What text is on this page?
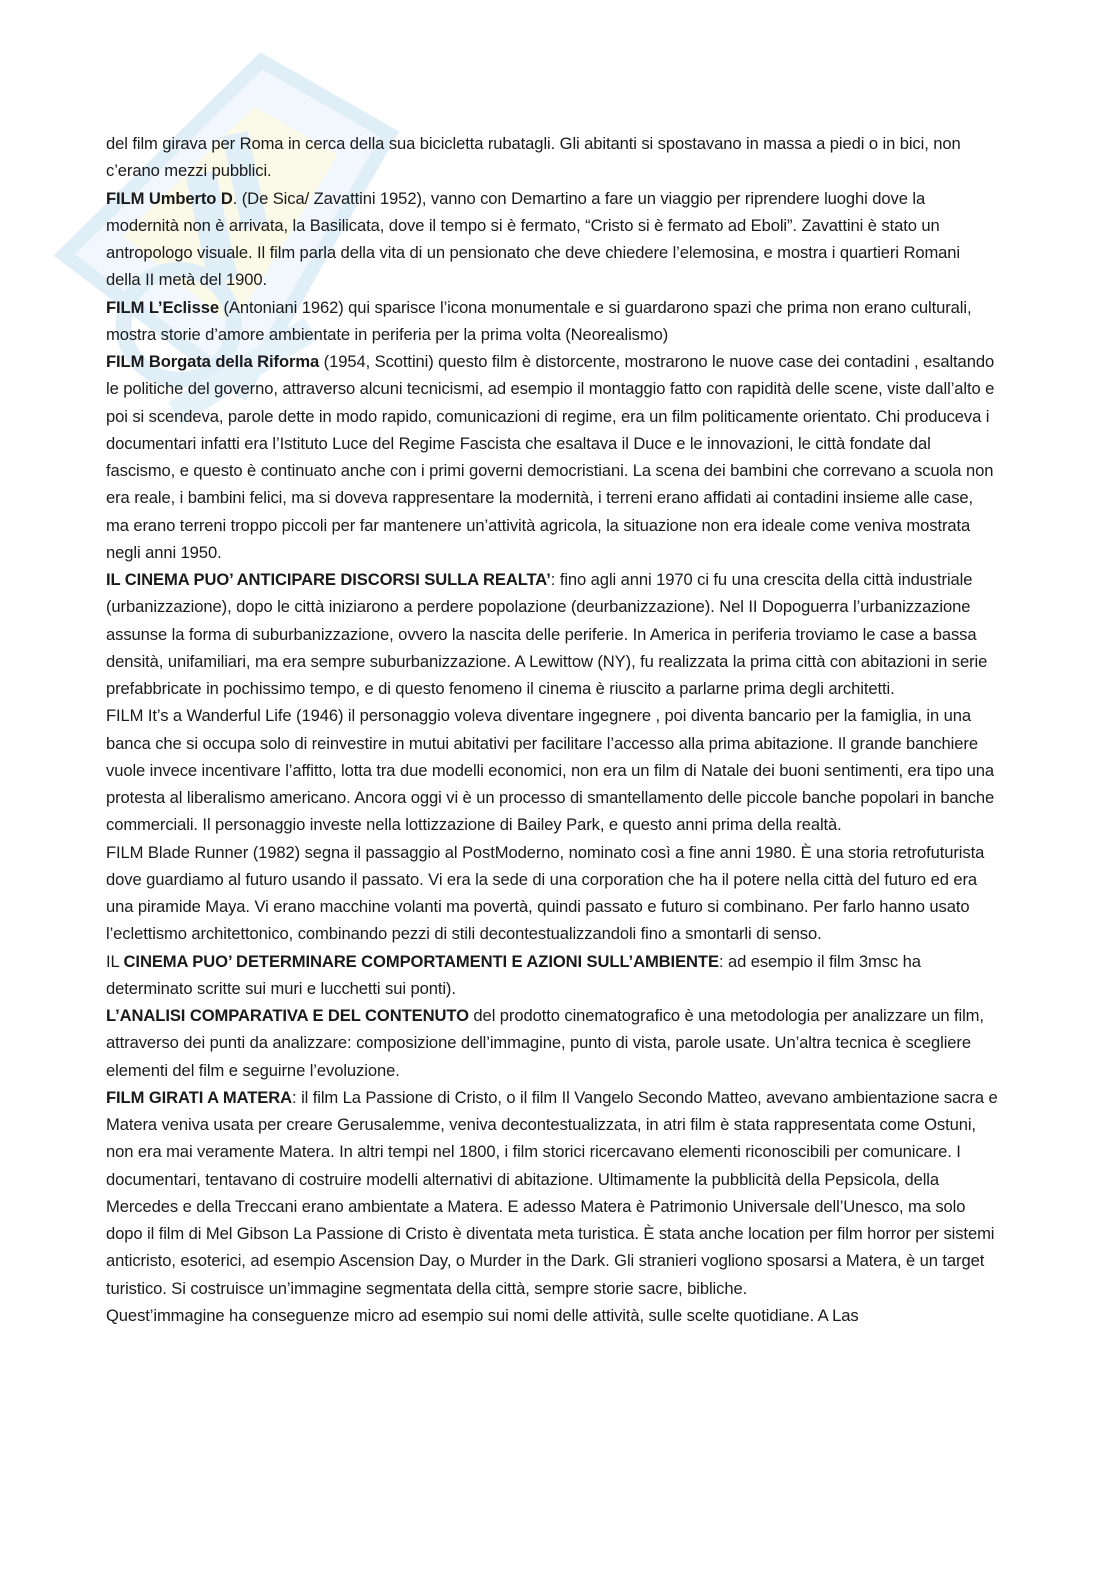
del film girava per Roma in cerca della sua bicicletta rubatagli. Gli abitanti si spostavano in massa a piedi o in bici, non c’erano mezzi pubblici.

FILM Umberto D. (De Sica/ Zavattini 1952), vanno con Demartino a fare un viaggio per riprendere luoghi dove la modernità non è arrivata, la Basilicata, dove il tempo si è fermato, “Cristo si è fermato ad Eboli”. Zavattini è stato un antropologo visuale. Il film parla della vita di un pensionato che deve chiedere l’elemosina, e mostra i quartieri Romani della II metà del 1900.

FILM L’Eclisse (Antoniani 1962) qui sparisce l’icona monumentale e si guardarono spazi che prima non erano culturali, mostra storie d’amore ambientate in periferia per la prima volta (Neorealismo)

FILM Borgata della Riforma (1954, Scottini) questo film è distorcente, mostrarono le nuove case dei contadini , esaltando le politiche del governo, attraverso alcuni tecnicismi, ad esempio il montaggio fatto con rapidità delle scene, viste dall’alto e poi si scendeva, parole dette in modo rapido, comunicazioni di regime, era un film politicamente orientato. Chi produceva i documentari infatti era l’Istituto Luce del Regime Fascista che esaltava il Duce e le innovazioni, le città fondate dal fascismo, e questo è continuato anche con i primi governi democristiani. La scena dei bambini che correvano a scuola non era reale, i bambini felici, ma si doveva rappresentare la modernità, i terreni erano affidati ai contadini insieme alle case, ma erano terreni troppo piccoli per far mantenere un’attività agricola, la situazione non era ideale come veniva mostrata negli anni 1950.

IL CINEMA PUO’ ANTICIPARE DISCORSI SULLA REALTA’: fino agli anni 1970 ci fu una crescita della città industriale (urbanizzazione), dopo le città iniziarono a perdere popolazione (deurbanizzazione). Nel II Dopoguerra l’urbanizzazione assunse la forma di suburbanizzazione, ovvero la nascita delle periferie. In America in periferia troviamo le case a bassa densità, unifamiliari, ma era sempre suburbanizzazione. A Lewittow (NY), fu realizzata la prima città con abitazioni in serie prefabbricate in pochissimo tempo, e di questo fenomeno il cinema è riuscito a parlarne prima degli architetti.

FILM It’s a Wanderful Life (1946) il personaggio voleva diventare ingegnere , poi diventa bancario per la famiglia, in una banca che si occupa solo di reinvestire in mutui abitativi per facilitare l’accesso alla prima abitazione. Il grande banchiere vuole invece incentivare l’affitto, lotta tra due modelli economici, non era un film di Natale dei buoni sentimenti, era tipo una protesta al liberalismo americano. Ancora oggi vi è un processo di smantellamento delle piccole banche popolari in banche commerciali. Il personaggio investe nella lottizzazione di Bailey Park, e questo anni prima della realtà.

FILM Blade Runner (1982) segna il passaggio al PostModerno, nominato così a fine anni 1980. È una storia retrofuturista dove guardiamo al futuro usando il passato. Vi era la sede di una corporation che ha il potere nella città del futuro ed era una piramide Maya. Vi erano macchine volanti ma povertà, quindi passato e futuro si combinano. Per farlo hanno usato l’eclettismo architettonico, combinando pezzi di stili decontestualizzandoli fino a smontarli di senso.

IL CINEMA PUO’ DETERMINARE COMPORTAMENTI E AZIONI SULL’AMBIENTE: ad esempio il film 3msc ha determinato scritte sui muri e lucchetti sui ponti).

L’ANALISI COMPARATIVA E DEL CONTENUTO del prodotto cinematografico è una metodologia per analizzare un film, attraverso dei punti da analizzare: composizione dell’immagine, punto di vista, parole usate. Un’altra tecnica è scegliere elementi del film e seguirne l’evoluzione.

FILM GIRATI A MATERA: il film La Passione di Cristo, o il film Il Vangelo Secondo Matteo, avevano ambientazione sacra e Matera veniva usata per creare Gerusalemme, veniva decontestualizzata, in atri film è stata rappresentata come Ostuni, non era mai veramente Matera. In altri tempi nel 1800, i film storici ricercavano elementi riconoscibili per comunicare. I documentari, tentavano di costruire modelli alternativi di abitazione. Ultimamente la pubblicità della Pepsicola, della Mercedes e della Treccani erano ambientate a Matera. E adesso Matera è Patrimonio Universale dell’Unesco, ma solo dopo il film di Mel Gibson La Passione di Cristo è diventata meta turistica. È stata anche location per film horror per sistemi anticristo, esoterici, ad esempio Ascension Day, o Murder in the Dark. Gli stranieri vogliono sposarsi a Matera, è un target turistico. Si costruisce un’immagine segmentata della città, sempre storie sacre, bibliche.

Quest’immagine ha conseguenze micro ad esempio sui nomi delle attività, sulle scelte quotidiane. A Las
